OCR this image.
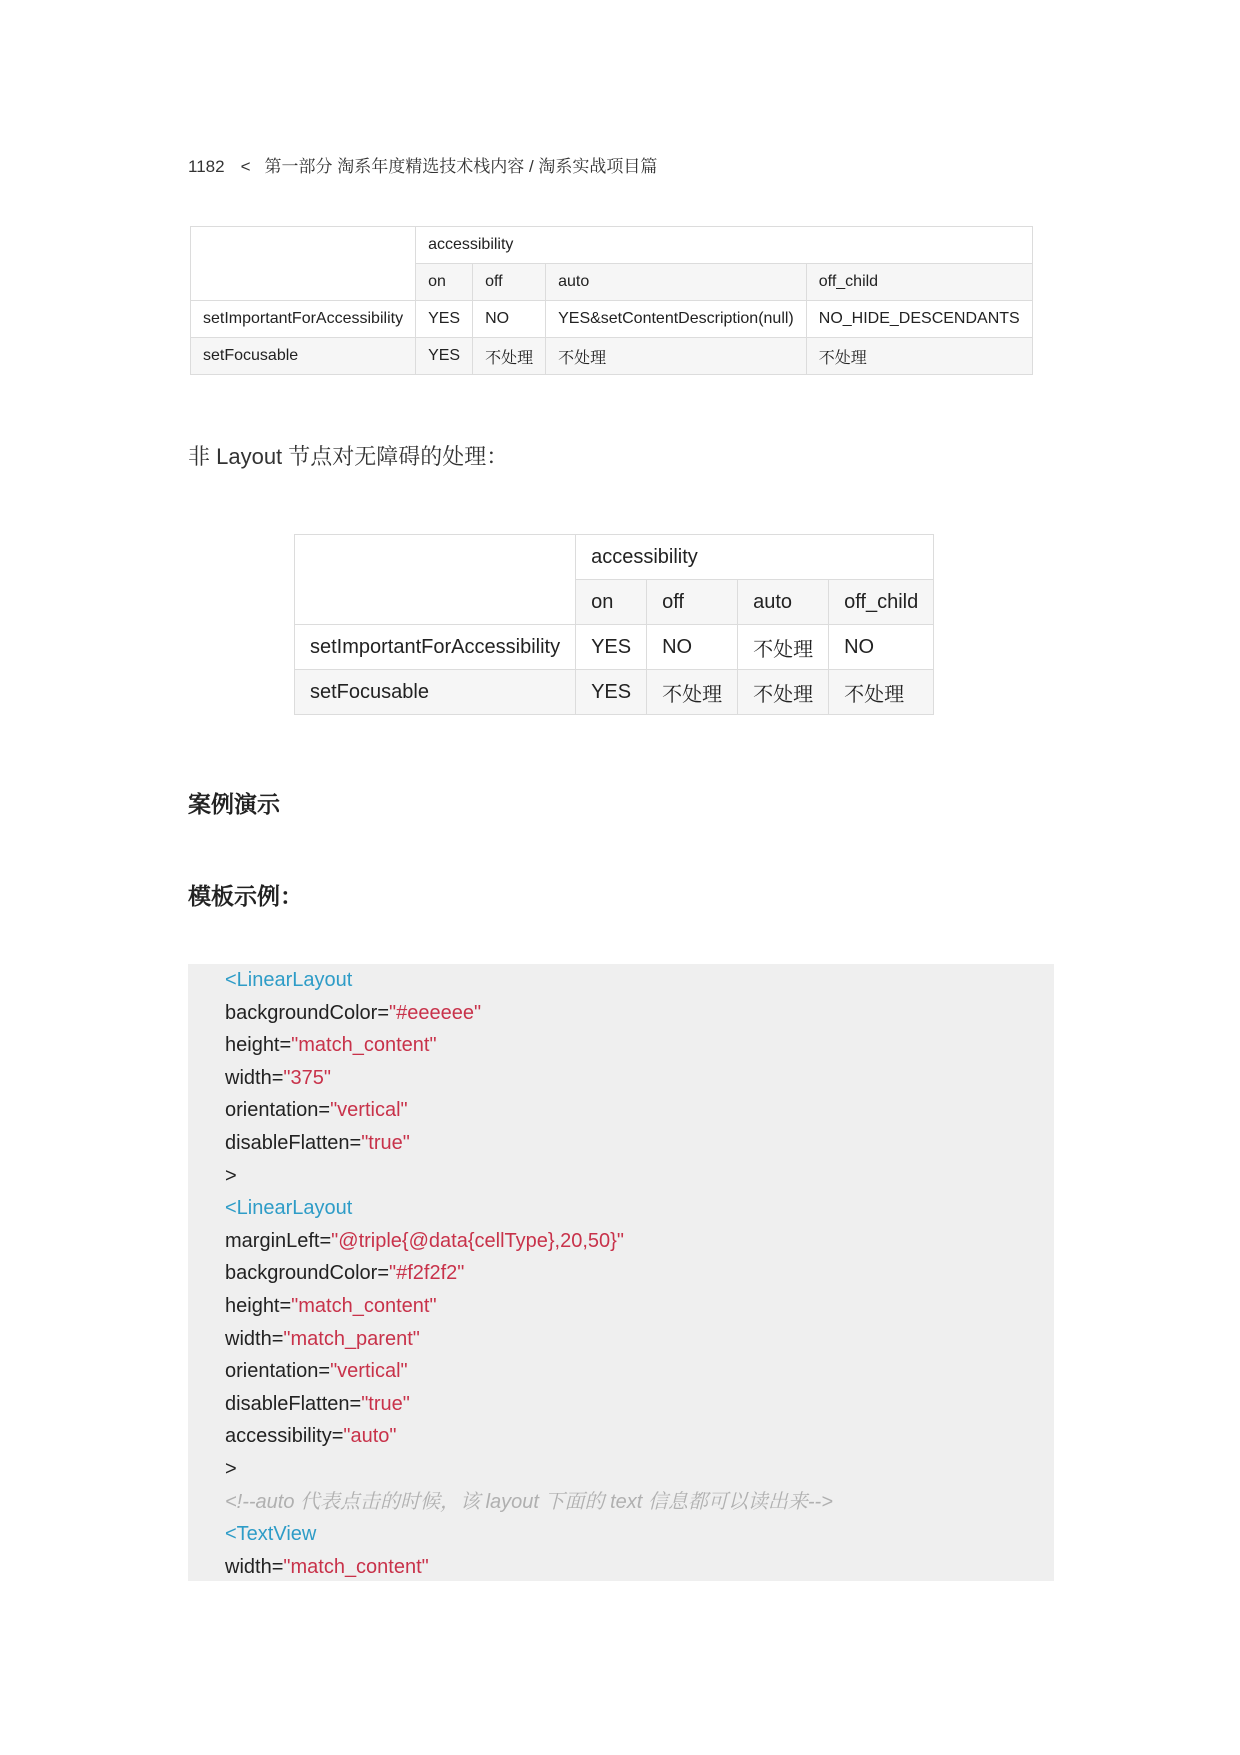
1182 < 第一部分 淘系年度精选技术栈内容 / 淘系实战项目篇
	accessibility			
	on	off	auto	off_child
setImportantForAccessibility	YES	NO	YES&setContentDescription(null)	NO_HIDE_DESCENDANTS
setFocusable	YES	不处理	不处理	不处理
非 Layout 节点对无障碍的处理：
	accessibility			
	on	off	auto	off_child
setImportantForAccessibility	YES	NO	不处理	NO
setFocusable	YES	不处理	不处理	不处理
案例演示
模板示例：
<LinearLayout
backgroundColor="#eeeeee"
height="match_content"
width="375"
orientation="vertical"
disableFlatten="true"
>
<LinearLayout
marginLeft="@triple{@data{cellType},20,50}"
backgroundColor="#f2f2f2"
height="match_content"
width="match_parent"
orientation="vertical"
disableFlatten="true"
accessibility="auto"
>
<!--auto 代表点击的时候，该 layout 下面的 text 信息都可以读出来-->
<TextView
width="match_content"
